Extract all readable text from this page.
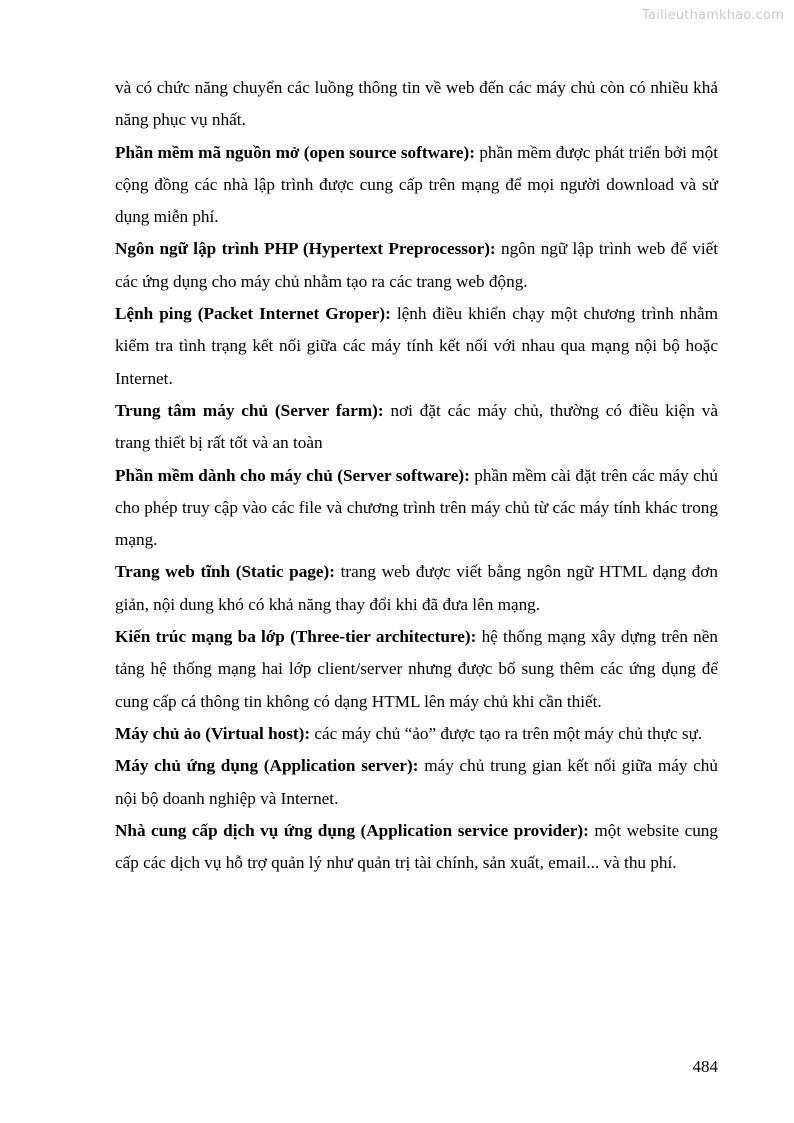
Tailieuthamkhao.com

và có chức năng chuyển các luồng thông tin về web đến các máy chủ còn có nhiều khả năng phục vụ nhất.

Phần mềm mã nguồn mở (open source software): phần mềm được phát triển bởi một cộng đồng các nhà lập trình được cung cấp trên mạng để mọi người download và sử dụng miễn phí.

Ngôn ngữ lập trình PHP (Hypertext Preprocessor): ngôn ngữ lập trình web để viết các ứng dụng cho máy chủ nhằm tạo ra các trang web động.

Lệnh ping (Packet Internet Groper): lệnh điều khiển chạy một chương trình nhằm kiểm tra tình trạng kết nối giữa các máy tính kết nối với nhau qua mạng nội bộ hoặc Internet.

Trung tâm máy chủ (Server farm): nơi đặt các máy chủ, thường có điều kiện và trang thiết bị rất tốt và an toàn

Phần mềm dành cho máy chủ (Server software): phần mềm cài đặt trên các máy chủ cho phép truy cập vào các file và chương trình trên máy chủ từ các máy tính khác trong mạng.

Trang web tĩnh (Static page): trang web được viết bằng ngôn ngữ HTML dạng đơn giản, nội dung khó có khả năng thay đổi khi đã đưa lên mạng.

Kiến trúc mạng ba lớp (Three-tier architecture): hệ thống mạng xây dựng trên nền tảng hệ thống mạng hai lớp client/server nhưng được bổ sung thêm các ứng dụng để cung cấp cá thông tin không có dạng HTML lên máy chủ khi cần thiết.

Máy chủ ảo (Virtual host): các máy chủ “ảo” được tạo ra trên một máy chủ thực sự.

Máy chủ ứng dụng (Application server): máy chủ trung gian kết nối giữa máy chủ nội bộ doanh nghiệp và Internet.

Nhà cung cấp dịch vụ ứng dụng (Application service provider): một website cung cấp các dịch vụ hỗ trợ quản lý như quản trị tài chính, sản xuất, email... và thu phí.

484
